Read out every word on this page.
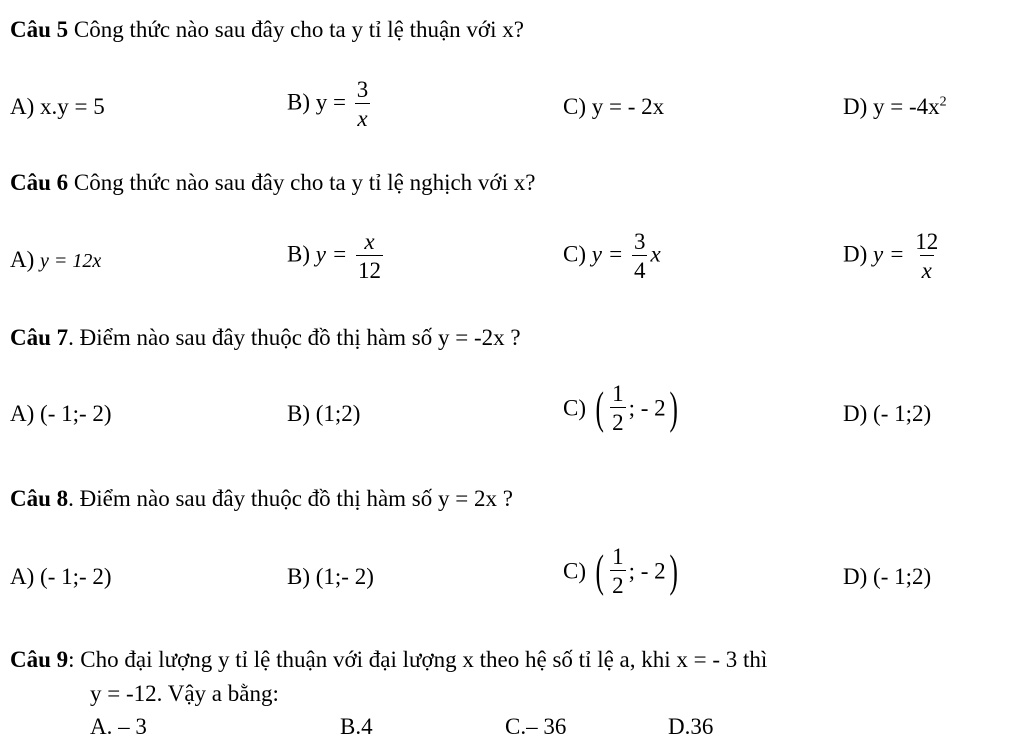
Câu 5 Công thức nào sau đây cho ta y tỉ lệ thuận với x?
A) x.y = 5	B) $y = \frac{3}{x}$	C) y = - 2x	D) $y = -4x^2$
Câu 6 Công thức nào sau đây cho ta y tỉ lệ nghịch với x?
A) y = 12x	B) $y = \frac{x}{12}$	C) $y = \frac{3}{4}$ x	D) $y = \frac{12}{x}$
Câu 7. Điểm nào sau đây thuộc đồ thị hàm số y = -2x ?
A) (- 1;- 2)	B) (1;2)	C) ( $\frac{1}{2}$ ; - 2)	D) (- 1;2)
Câu 8. Điểm nào sau đây thuộc đồ thị hàm số y = 2x ?
A) (- 1;- 2)	B) (1;- 2)	C) ( $\frac{1}{2}$ ; - 2)	D) (- 1;2)
Câu 9: Cho đại lượng y tỉ lệ thuận với đại lượng x theo hệ số tỉ lệ a, khi x = - 3 thì
y = -12. Vậy a bằng:
A. – 3	B.4	C.– 36	D.36
